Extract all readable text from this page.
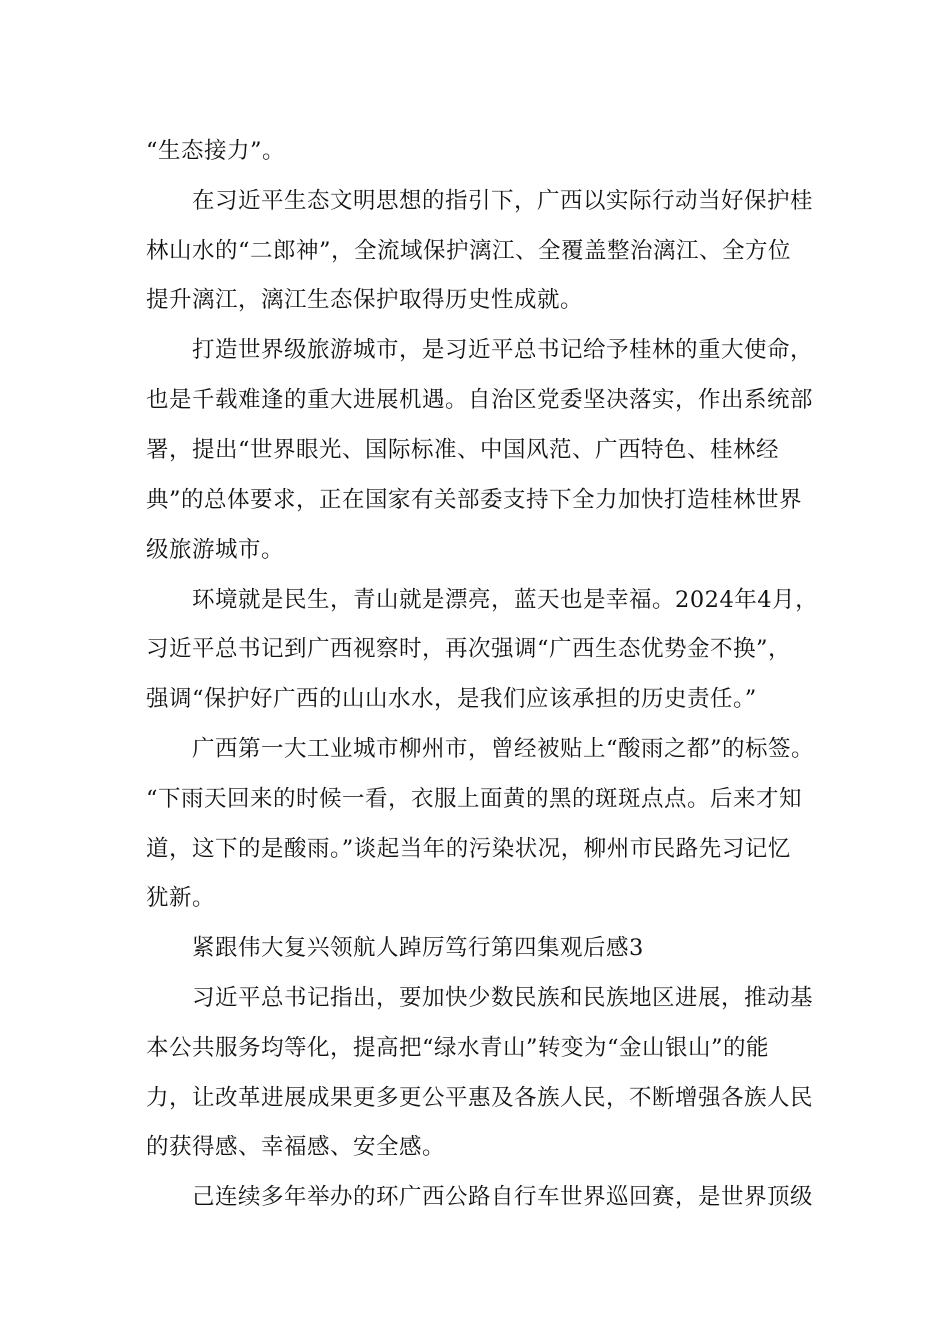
“生态接力”。
在习近平生态文明思想的指引下，广西以实际行动当好保护桂
林山水的“二郎神”，全流域保护漓江、全覆盖整治漓江、全方位
提升漓江，漓江生态保护取得历史性成就。
打造世界级旅游城市，是习近平总书记给予桂林的重大使命，
也是千载难逢的重大进展机遇。自治区党委坚决落实，作出系统部
署，提出“世界眼光、国际标准、中国风范、广西特色、桂林经
典”的总体要求，正在国家有关部委支持下全力加快打造桂林世界
级旅游城市。
环境就是民生，青山就是漂亮，蓝天也是幸福。2024年4月，
习近平总书记到广西视察时，再次强调“广西生态优势金不换”，
强调“保护好广西的山山水水，是我们应该承担的历史责任。”
广西第一大工业城市柳州市，曾经被贴上“酸雨之都”的标签。
“下雨天回来的时候一看，衣服上面黄的黑的斑斑点点。后来才知
道，这下的是酸雨。”谈起当年的污染状况，柳州市民路先习记忆
犹新。
紧跟伟大复兴领航人踔厉笃行第四集观后感3
习近平总书记指出，要加快少数民族和民族地区进展，推动基
本公共服务均等化，提高把“绿水青山”转变为“金山银山”的能
力，让改革进展成果更多更公平惠及各族人民，不断增强各族人民
的获得感、幸福感、安全感。
己连续多年举办的环广西公路自行车世界巡回赛，是世界顶级
